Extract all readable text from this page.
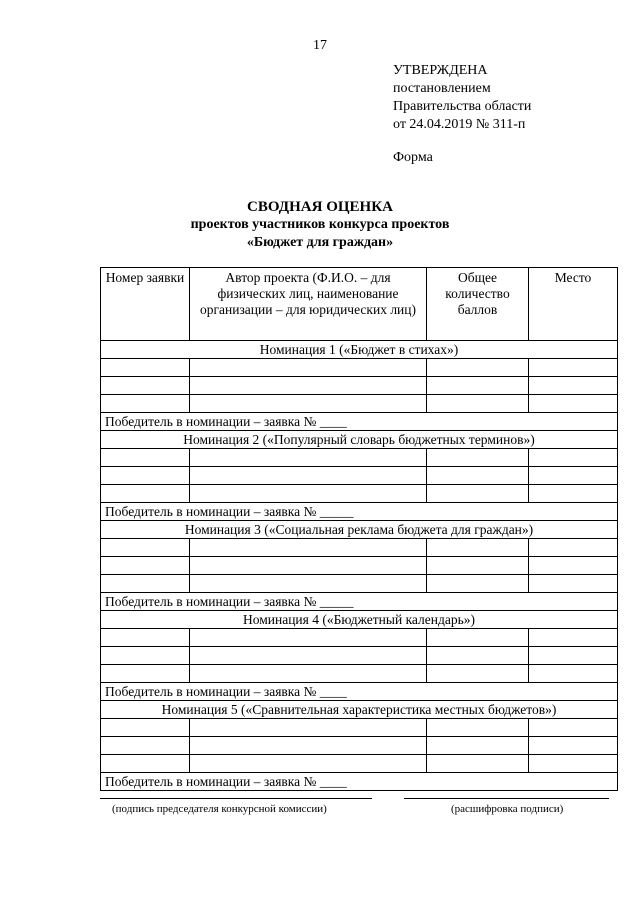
17
УТВЕРЖДЕНА
постановлением
Правительства области
от 24.04.2019 № 311-п
Форма
СВОДНАЯ ОЦЕНКА
проектов участников конкурса проектов
«Бюджет для граждан»
Номер заявки	Автор проекта (Ф.И.О. – для физических лиц, наименование организации – для юридических лиц)	Общее количество баллов	Место
Номинация 1 («Бюджет в стихах»)			

Победитель в номинации – заявка № ____			
Номинация 2 («Популярный словарь бюджетных терминов»)			

Победитель в номинации – заявка № _____			
Номинация 3 («Социальная реклама бюджета для граждан»)			

Победитель в номинации – заявка № _____			
Номинация 4 («Бюджетный календарь»)			

Победитель в номинации – заявка № ____			
Номинация 5 («Сравнительная характеристика местных бюджетов»)			

Победитель в номинации – заявка № ____			
(подпись председателя конкурсной комиссии)	(расшифровка подписи)
